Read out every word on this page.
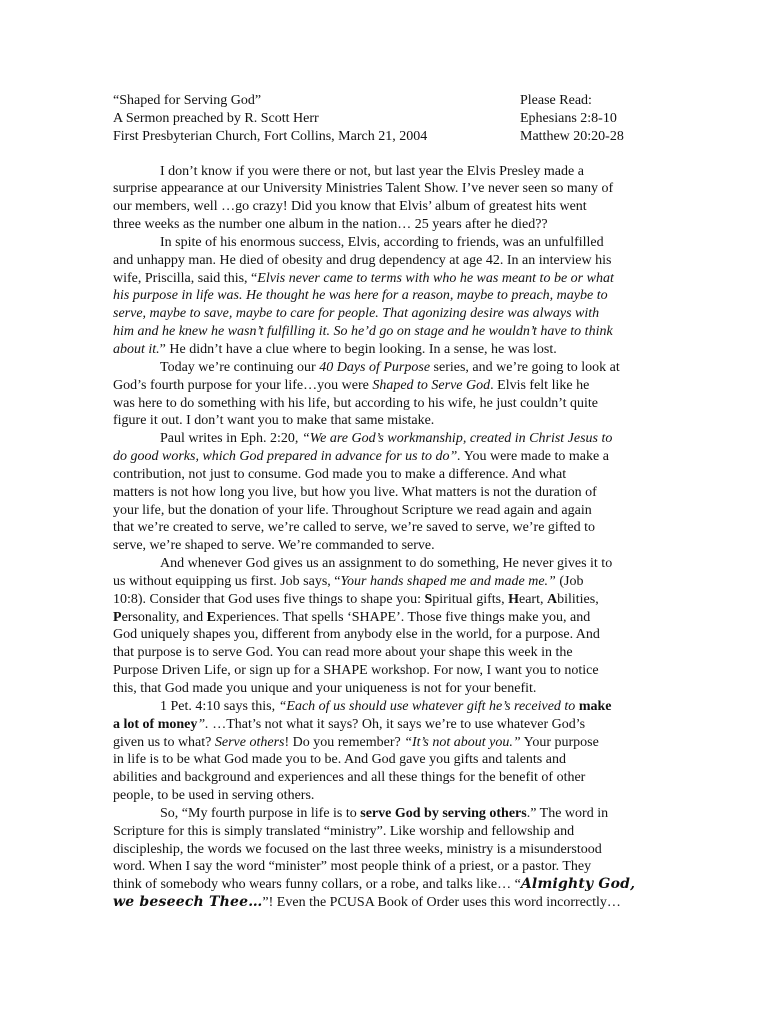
“Shaped for Serving God”
A Sermon preached by R. Scott Herr
First Presbyterian Church, Fort Collins, March 21, 2004
Please Read:
Ephesians 2:8-10
Matthew 20:20-28
I don’t know if you were there or not, but last year the Elvis Presley made a
surprise appearance at our University Ministries Talent Show. I’ve never seen so many of
our members, well …go crazy! Did you know that Elvis’ album of greatest hits went
three weeks as the number one album in the nation… 25 years after he died??
In spite of his enormous success, Elvis, according to friends, was an unfulfilled
and unhappy man. He died of obesity and drug dependency at age 42. In an interview his
wife, Priscilla, said this, “Elvis never came to terms with who he was meant to be or what
his purpose in life was. He thought he was here for a reason, maybe to preach, maybe to
serve, maybe to save, maybe to care for people. That agonizing desire was always with
him and he knew he wasn’t fulfilling it. So he’d go on stage and he wouldn’t have to think
about it.” He didn’t have a clue where to begin looking. In a sense, he was lost.
Today we’re continuing our 40 Days of Purpose series, and we’re going to look at
God’s fourth purpose for your life…you were Shaped to Serve God. Elvis felt like he
was here to do something with his life, but according to his wife, he just couldn’t quite
figure it out. I don’t want you to make that same mistake.
Paul writes in Eph. 2:20, “We are God’s workmanship, created in Christ Jesus to
do good works, which God prepared in advance for us to do”. You were made to make a
contribution, not just to consume. God made you to make a difference. And what
matters is not how long you live, but how you live. What matters is not the duration of
your life, but the donation of your life. Throughout Scripture we read again and again
that we’re created to serve, we’re called to serve, we’re saved to serve, we’re gifted to
serve, we’re shaped to serve. We’re commanded to serve.
And whenever God gives us an assignment to do something, He never gives it to
us without equipping us first. Job says, “Your hands shaped me and made me.” (Job
10:8). Consider that God uses five things to shape you: Spiritual gifts, Heart, Abilities,
Personality, and Experiences. That spells ‘SHAPE’. Those five things make you, and
God uniquely shapes you, different from anybody else in the world, for a purpose. And
that purpose is to serve God. You can read more about your shape this week in the
Purpose Driven Life, or sign up for a SHAPE workshop. For now, I want you to notice
this, that God made you unique and your uniqueness is not for your benefit.
1 Pet. 4:10 says this, “Each of us should use whatever gift he’s received to make
a lot of money”. …That’s not what it says? Oh, it says we’re to use whatever God’s
given us to what? Serve others! Do you remember? “It’s not about you.” Your purpose
in life is to be what God made you to be. And God gave you gifts and talents and
abilities and background and experiences and all these things for the benefit of other
people, to be used in serving others.
So, “My fourth purpose in life is to serve God by serving others.” The word in
Scripture for this is simply translated “ministry”. Like worship and fellowship and
discipleship, the words we focused on the last three weeks, ministry is a misunderstood
word. When I say the word “minister” most people think of a priest, or a pastor. They
think of somebody who wears funny collars, or a robe, and talks like… “Almighty God,
we beseech Thee…”! Even the PCUSA Book of Order uses this word incorrectly…
